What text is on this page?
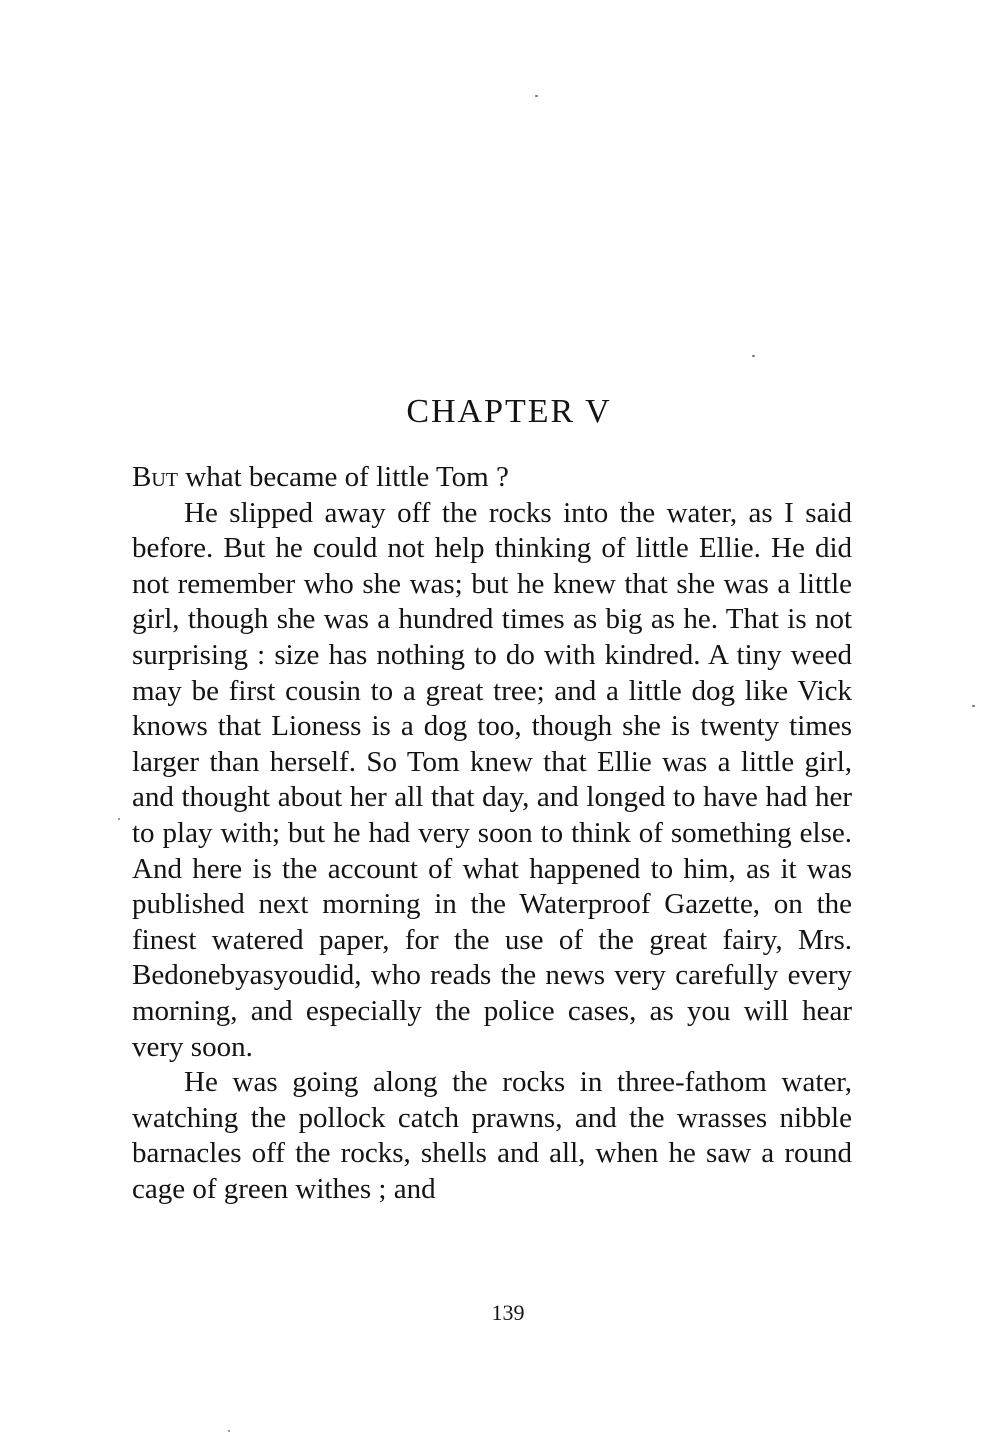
CHAPTER V

But what became of little Tom ?

He slipped away off the rocks into the water, as I said before. But he could not help thinking of little Ellie. He did not remember who she was; but he knew that she was a little girl, though she was a hundred times as big as he. That is not surprising : size has nothing to do with kindred. A tiny weed may be first cousin to a great tree; and a little dog like Vick knows that Lioness is a dog too, though she is twenty times larger than herself. So Tom knew that Ellie was a little girl, and thought about her all that day, and longed to have had her to play with; but he had very soon to think of something else. And here is the account of what happened to him, as it was published next morning in the Waterproof Gazette, on the finest watered paper, for the use of the great fairy, Mrs. Bedonebyasyoudid, who reads the news very carefully every morning, and especially the police cases, as you will hear very soon.

He was going along the rocks in three-fathom water, watching the pollock catch prawns, and the wrasses nibble barnacles off the rocks, shells and all, when he saw a round cage of green withes ; and

139
